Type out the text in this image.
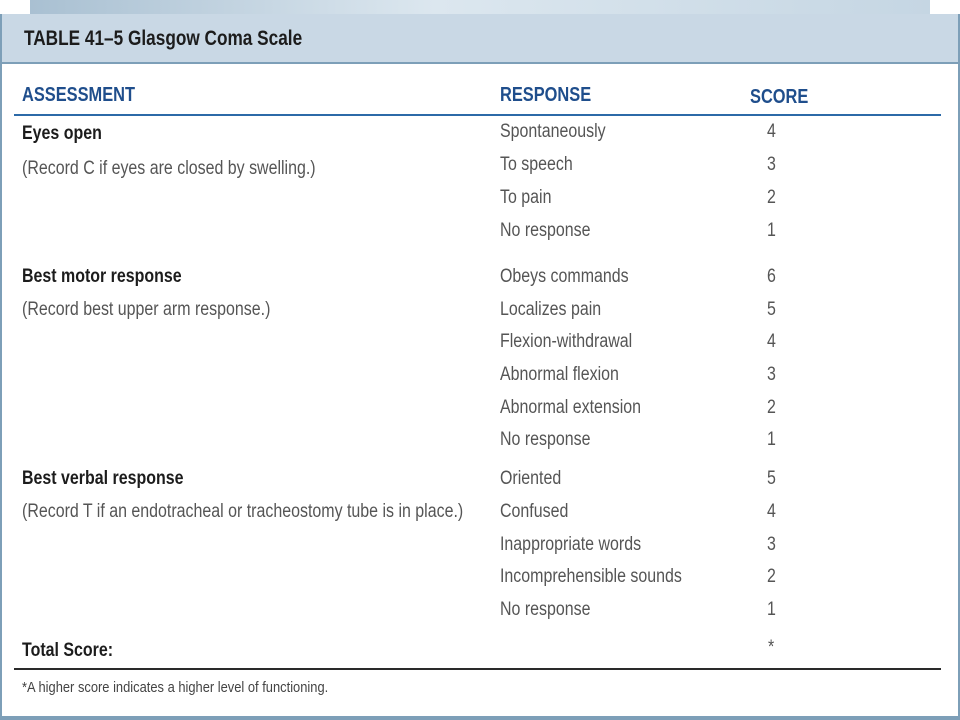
TABLE 41–5 Glasgow Coma Scale
ASSESSMENT	RESPONSE	SCORE
Eyes open
(Record C if eyes are closed by swelling.)
Spontaneously	4
To speech	3
To pain	2
No response	1
Best motor response
(Record best upper arm response.)
Obeys commands	6
Localizes pain	5
Flexion-withdrawal	4
Abnormal flexion	3
Abnormal extension	2
No response	1
Best verbal response
(Record T if an endotracheal or tracheostomy tube is in place.)
Oriented	5
Confused	4
Inappropriate words	3
Incomprehensible sounds	2
No response	1
Total Score:	*
*A higher score indicates a higher level of functioning.
